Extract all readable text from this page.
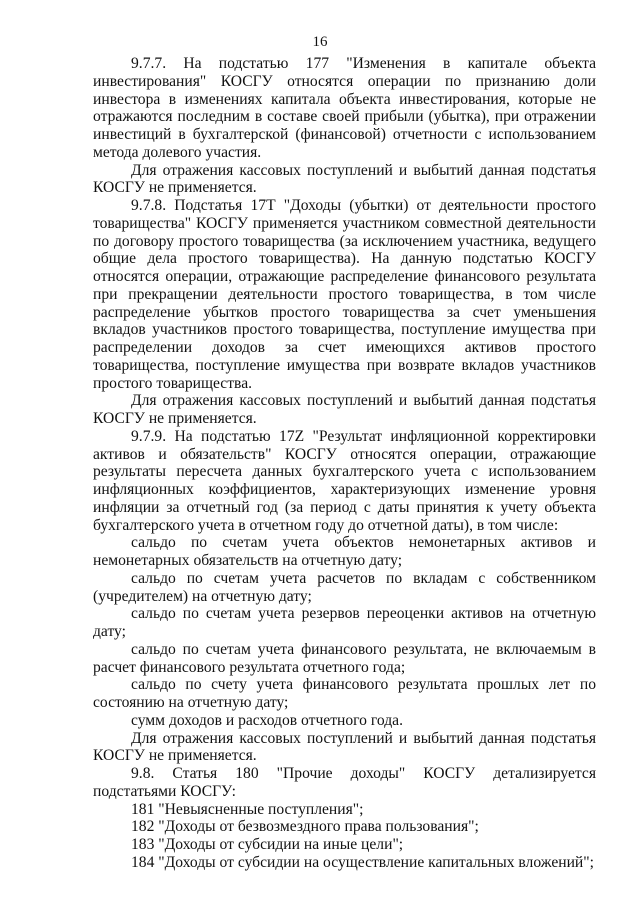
16

9.7.7. На подстатью 177 "Изменения в капитале объекта инвестирования" КОСГУ относятся операции по признанию доли инвестора в изменениях капитала объекта инвестирования, которые не отражаются последним в составе своей прибыли (убытка), при отражении инвестиций в бухгалтерской (финансовой) отчетности с использованием метода долевого участия.

Для отражения кассовых поступлений и выбытий данная подстатья КОСГУ не применяется.

9.7.8. Подстатья 17Т "Доходы (убытки) от деятельности простого товарищества" КОСГУ применяется участником совместной деятельности по договору простого товарищества (за исключением участника, ведущего общие дела простого товарищества). На данную подстатью КОСГУ относятся операции, отражающие распределение финансового результата при прекращении деятельности простого товарищества, в том числе распределение убытков простого товарищества за счет уменьшения вкладов участников простого товарищества, поступление имущества при распределении доходов за счет имеющихся активов простого товарищества, поступление имущества при возврате вкладов участников простого товарищества.

Для отражения кассовых поступлений и выбытий данная подстатья КОСГУ не применяется.

9.7.9. На подстатью 17Z "Результат инфляционной корректировки активов и обязательств" КОСГУ относятся операции, отражающие результаты пересчета данных бухгалтерского учета с использованием инфляционных коэффициентов, характеризующих изменение уровня инфляции за отчетный год (за период с даты принятия к учету объекта бухгалтерского учета в отчетном году до отчетной даты), в том числе:

сальдо по счетам учета объектов немонетарных активов и немонетарных обязательств на отчетную дату;

сальдо по счетам учета расчетов по вкладам с собственником (учредителем) на отчетную дату;

сальдо по счетам учета резервов переоценки активов на отчетную дату;

сальдо по счетам учета финансового результата, не включаемым в расчет финансового результата отчетного года;

сальдо по счету учета финансового результата прошлых лет по состоянию на отчетную дату;

сумм доходов и расходов отчетного года.

Для отражения кассовых поступлений и выбытий данная подстатья КОСГУ не применяется.

9.8. Статья 180 "Прочие доходы" КОСГУ детализируется подстатьями КОСГУ:

181 "Невыясненные поступления";

182 "Доходы от безвозмездного права пользования";

183 "Доходы от субсидии на иные цели";

184 "Доходы от субсидии на осуществление капитальных вложений";
